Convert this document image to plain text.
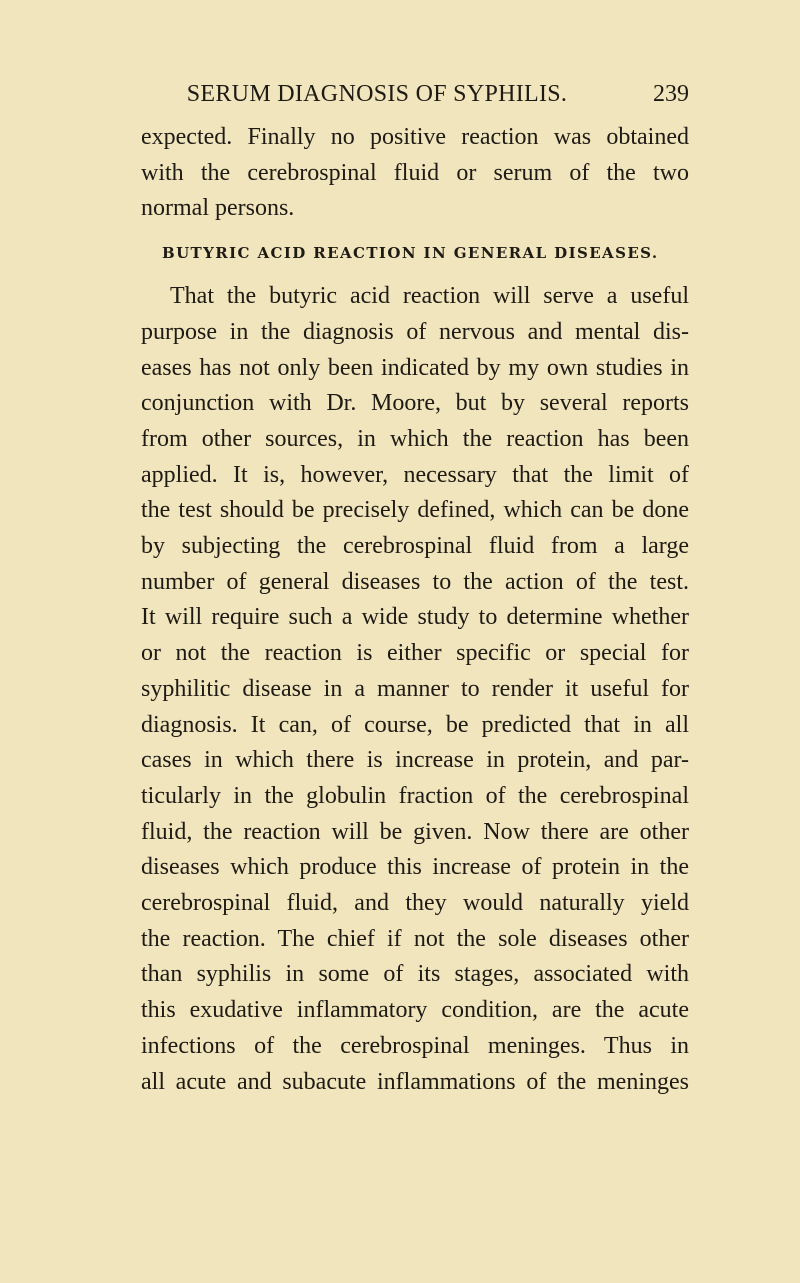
SERUM DIAGNOSIS OF SYPHILIS.	239
expected. Finally no positive reaction was obtained
with the cerebrospinal fluid or serum of the two
normal persons.
BUTYRIC ACID REACTION IN GENERAL DISEASES.
That the butyric acid reaction will serve a useful
purpose in the diagnosis of nervous and mental dis-
eases has not only been indicated by my own studies in
conjunction with Dr. Moore, but by several reports
from other sources, in which the reaction has been
applied. It is, however, necessary that the limit of
the test should be precisely defined, which can be done
by subjecting the cerebrospinal fluid from a large
number of general diseases to the action of the test.
It will require such a wide study to determine whether
or not the reaction is either specific or special for
syphilitic disease in a manner to render it useful for
diagnosis. It can, of course, be predicted that in all
cases in which there is increase in protein, and par-
ticularly in the globulin fraction of the cerebrospinal
fluid, the reaction will be given. Now there are other
diseases which produce this increase of protein in the
cerebrospinal fluid, and they would naturally yield
the reaction. The chief if not the sole diseases other
than syphilis in some of its stages, associated with
this exudative inflammatory condition, are the acute
infections of the cerebrospinal meninges. Thus in
all acute and subacute inflammations of the meninges
